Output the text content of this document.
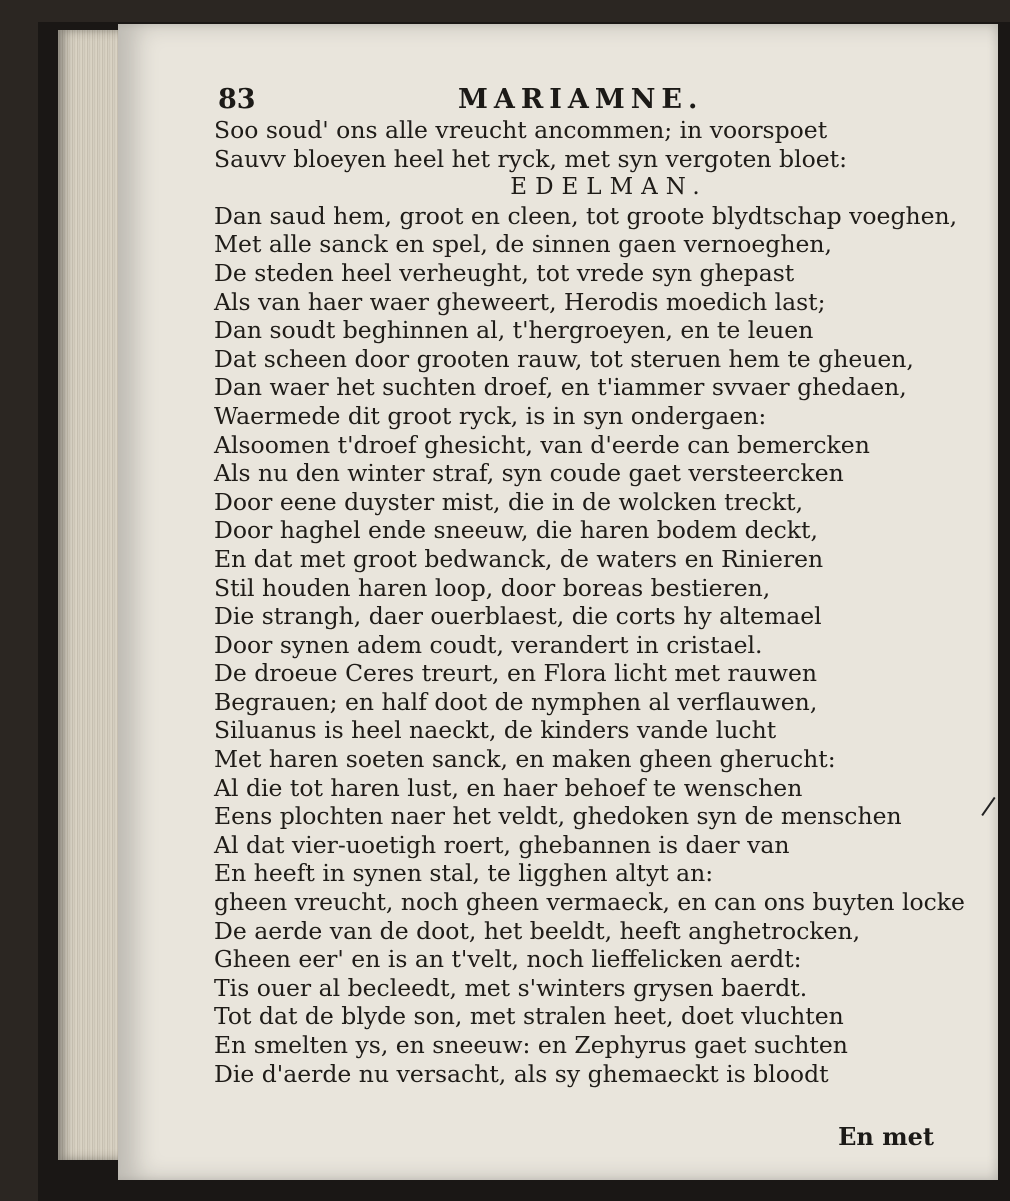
83	MARIAMNE.
Soo soud' ons alle vreucht ancommen; in voorspoet
Sauvv bloeyen heel het ryck, met syn vergoten bloet:
EDELMAN.
Dan saud hem, groot en cleen, tot groote blydtschap voeghen,
Met alle sanck en spel, de sinnen gaen vernoeghen,
De steden heel verheught, tot vrede syn ghepast
Als van haer waer gheweert, Herodis moedich last;
Dan soudt beghinnen al, t'hergroeyen, en te leuen
Dat scheen door grooten rauw, tot steruen hem te gheuen,
Dan waer het suchten droef, en t'iammer svvaer ghedaen,
Waermede dit groot ryck, is in syn ondergaen:
Alsoomen t'droef ghesicht, van d'eerde can bemercken
Als nu den winter straf, syn coude gaet versteercken
Door eene duyster mist, die in de wolcken treckt,
Door haghel ende sneeuw, die haren bodem deckt,
En dat met groot bedwanck, de waters en Rinieren
Stil houden haren loop, door boreas bestieren,
Die strangh, daer ouerblaest, die corts hy altemael
Door synen adem coudt, verandert in cristael.
De droeue Ceres treurt, en Flora licht met rauwen
Begrauen; en half doot de nymphen al verflauwen,
Siluanus is heel naeckt, de kinders vande lucht
Met haren soeten sanck, en maken gheen gherucht:
Al die tot haren lust, en haer behoef te wenschen
Eens plochten naer het veldt, ghedoken syn de menschen
Al dat vier-uoetigh roert, ghebannen is daer van
En heeft in synen stal, te ligghen altyt an:
gheen vreucht, noch gheen vermaeck, en can ons buyten locke
De aerde van de doot, het beeldt, heeft anghetrocken,
Gheen eer' en is an t'velt, noch lieffelicken aerdt:
Tis ouer al becleedt, met s'winters grysen baerdt.
Tot dat de blyde son, met stralen heet, doet vluchten
En smelten ys, en sneeuw: en Zephyrus gaet suchten
Die d'aerde nu versacht, als sy ghemaeckt is bloodt
En met
